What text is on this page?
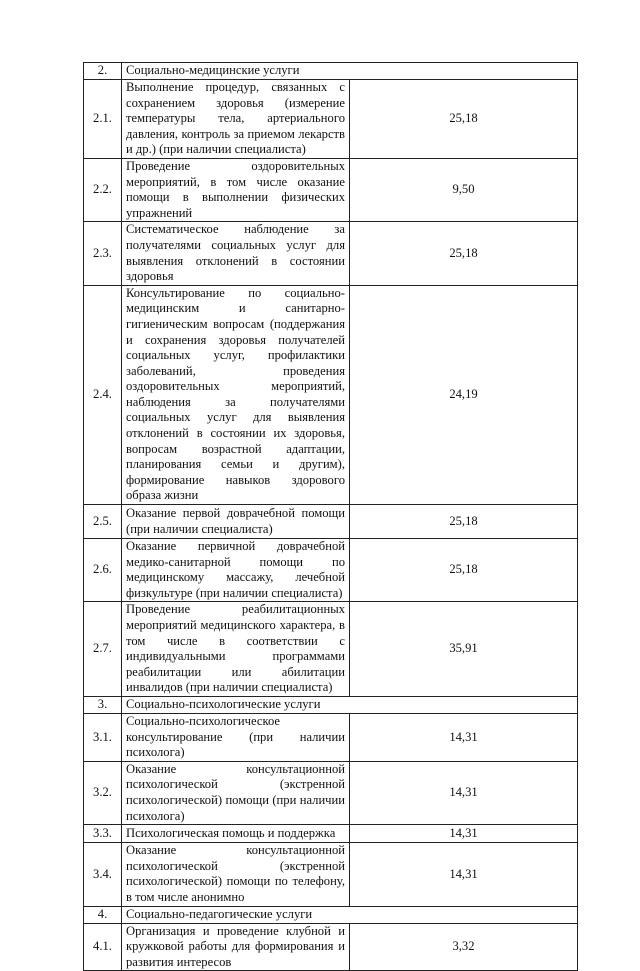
2.	Социально-медицинские услуги	
2.1.	Выполнение процедур, связанных с сохранением здоровья (измерение температуры тела, артериального давления, контроль за приемом лекарств и др.) (при наличии специалиста)	25,18
2.2.	Проведение оздоровительных мероприятий, в том числе оказание помощи в выполнении физических упражнений	9,50
2.3.	Систематическое наблюдение за получателями социальных услуг для выявления отклонений в состоянии здоровья	25,18
2.4.	Консультирование по социально-медицинским и санитарно-гигиеническим вопросам (поддержания и сохранения здоровья получателей социальных услуг, профилактики заболеваний, проведения оздоровительных мероприятий, наблюдения за получателями социальных услуг для выявления отклонений в состоянии их здоровья, вопросам возрастной адаптации, планирования семьи и другим), формирование навыков здорового образа жизни	24,19
2.5.	Оказание первой доврачебной помощи (при наличии специалиста)	25,18
2.6.	Оказание первичной доврачебной медико-санитарной помощи по медицинскому массажу, лечебной физкультуре (при наличии специалиста)	25,18
2.7.	Проведение реабилитационных мероприятий медицинского характера, в том числе в соответствии с индивидуальными программами реабилитации или абилитации инвалидов (при наличии специалиста)	35,91
3.	Социально-психологические услуги	
3.1.	Социально-психологическое консультирование (при наличии психолога)	14,31
3.2.	Оказание консультационной психологической (экстренной психологической) помощи (при наличии психолога)	14,31
3.3.	Психологическая помощь и поддержка	14,31
3.4.	Оказание консультационной психологической (экстренной психологической) помощи по телефону, в том числе анонимно	14,31
4.	Социально-педагогические услуги	
4.1.	Организация и проведение клубной и кружковой работы для формирования и развития интересов	3,32
